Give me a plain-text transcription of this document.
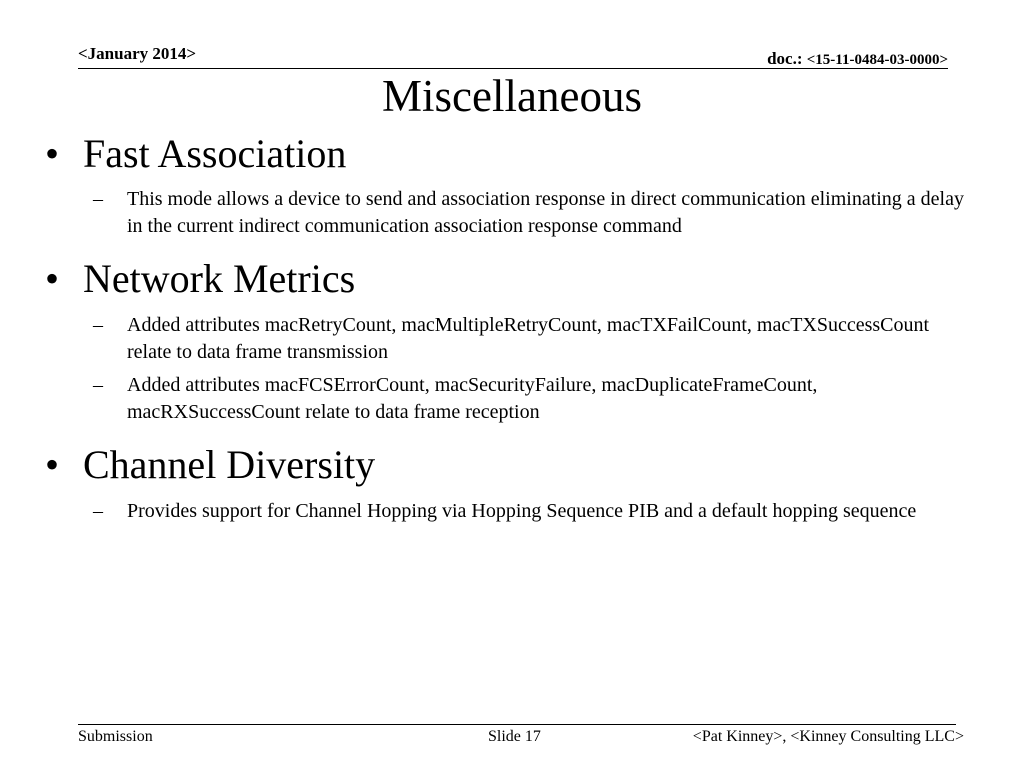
<January 2014>	doc.: <15-11-0484-03-0000>
Miscellaneous
• Fast Association
– This mode allows a device to send and association response in direct communication eliminating a delay in the current indirect communication association response command
• Network Metrics
– Added attributes macRetryCount, macMultipleRetryCount, macTXFailCount, macTXSuccessCount relate to data frame transmission
– Added attributes macFCSErrorCount, macSecurityFailure, macDuplicateFrameCount, macRXSuccessCount relate to data frame reception
• Channel Diversity
– Provides support for Channel Hopping via Hopping Sequence PIB and a default hopping sequence
Submission	Slide 17	<Pat Kinney>, <Kinney Consulting LLC>
